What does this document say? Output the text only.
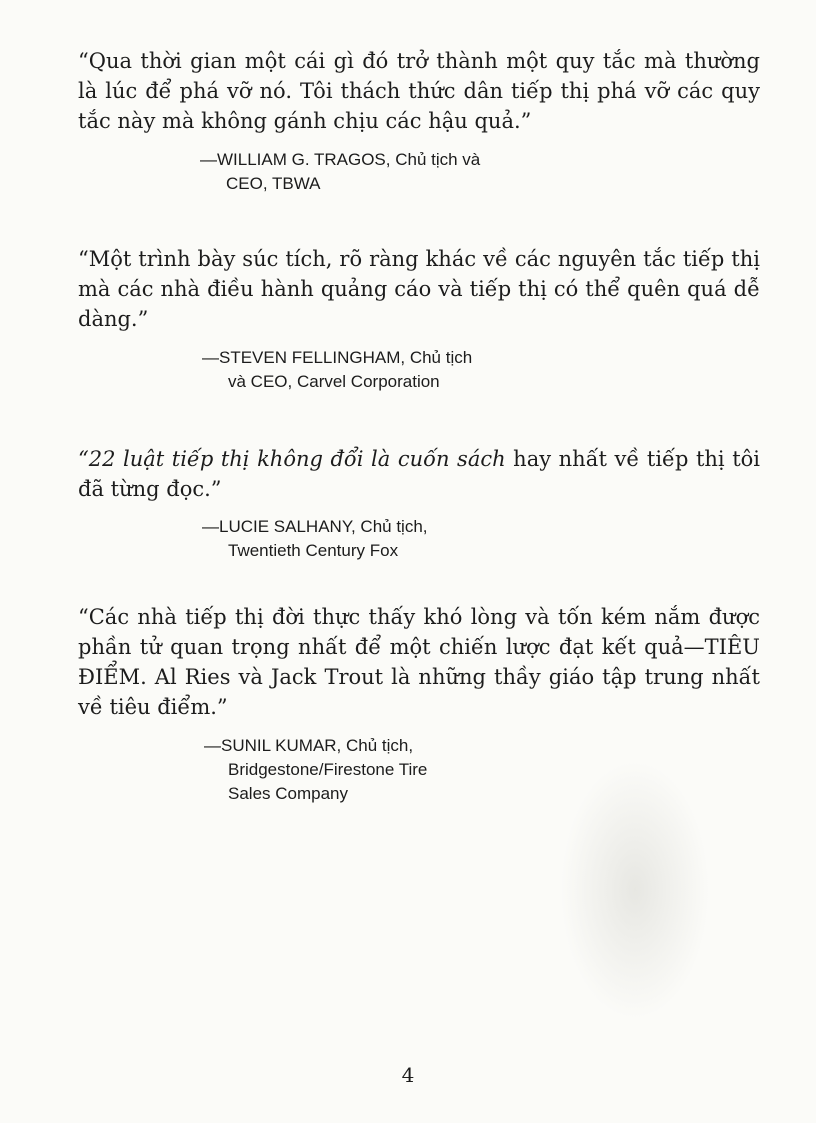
“Qua thời gian một cái gì đó trở thành một quy tắc mà thường là lúc để phá vỡ nó. Tôi thách thức dân tiếp thị phá vỡ các quy tắc này mà không gánh chịu các hậu quả.”

—WILLIAM G. TRAGOS, Chủ tịch và
CEO, TBWA

“Một trình bày súc tích, rõ ràng khác về các nguyên tắc tiếp thị mà các nhà điều hành quảng cáo và tiếp thị có thể quên quá dễ dàng.”

—STEVEN FELLINGHAM, Chủ tịch
và CEO, Carvel Corporation

“22 luật tiếp thị không đổi là cuốn sách hay nhất về tiếp thị tôi đã từng đọc.”

—LUCIE SALHANY, Chủ tịch,
Twentieth Century Fox

“Các nhà tiếp thị đời thực thấy khó lòng và tốn kém nắm được phần tử quan trọng nhất để một chiến lược đạt kết quả—TIÊU ĐIỂM. Al Ries và Jack Trout là những thầy giáo tập trung nhất về tiêu điểm.”

—SUNIL KUMAR, Chủ tịch,
Bridgestone/Firestone Tire
Sales Company
4
